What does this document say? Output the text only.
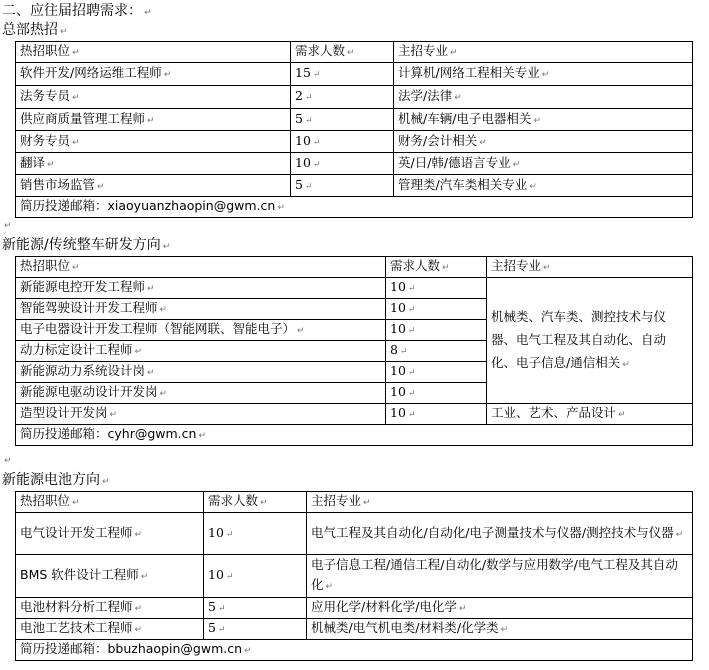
二、应往届招聘需求： ↵
总部热招 ↵
热招职位 ↵	需求人数 ↵	主招专业 ↵
软件开发/网络运维工程师 ↵	15 ↵	计算机/网络工程相关专业 ↵
法务专员 ↵	2 ↵	法学/法律 ↵
供应商质量管理工程师 ↵	5 ↵	机械/车辆/电子电器相关 ↵
财务专员 ↵	10 ↵	财务/会计相关 ↵
翻译 ↵	10 ↵	英/日/韩/德语言专业 ↵
销售市场监管 ↵	5 ↵	管理类/汽车类相关专业 ↵
简历投递邮箱：xiaoyuanzhaopin@gwm.cn ↵		
↵
新能源/传统整车研发方向 ↵
热招职位 ↵	需求人数 ↵	主招专业 ↵
新能源电控开发工程师 ↵	10 ↵	机械类、汽车类、测控技术与仪器、电气工程及其自动化、自动化、电子信息/通信相关 ↵
智能驾驶设计开发工程师 ↵	10 ↵	
电子电器设计开发工程师（智能网联、智能电子） ↵	10 ↵	
动力标定设计工程师 ↵	8 ↵	
新能源动力系统设计岗 ↵	10 ↵	
新能源电驱动设计开发岗 ↵	10 ↵	
造型设计开发岗 ↵	10 ↵	工业、艺术、产品设计 ↵
简历投递邮箱：cyhr@gwm.cn ↵		
↵
新能源电池方向 ↵
热招职位 ↵	需求人数 ↵	主招专业 ↵
电气设计开发工程师 ↵	10 ↵	电气工程及其自动化/自动化/电子测量技术与仪器/测控技术与仪器 ↵
BMS 软件设计工程师 ↵	10 ↵	电子信息工程/通信工程/自动化/数学与应用数学/电气工程及其自动化 ↵
电池材料分析工程师 ↵	5 ↵	应用化学/材料化学/电化学 ↵
电池工艺技术工程师 ↵	5 ↵	机械类/电气机电类/材料类/化学类 ↵
简历投递邮箱：bbuzhaopin@gwm.cn ↵		
